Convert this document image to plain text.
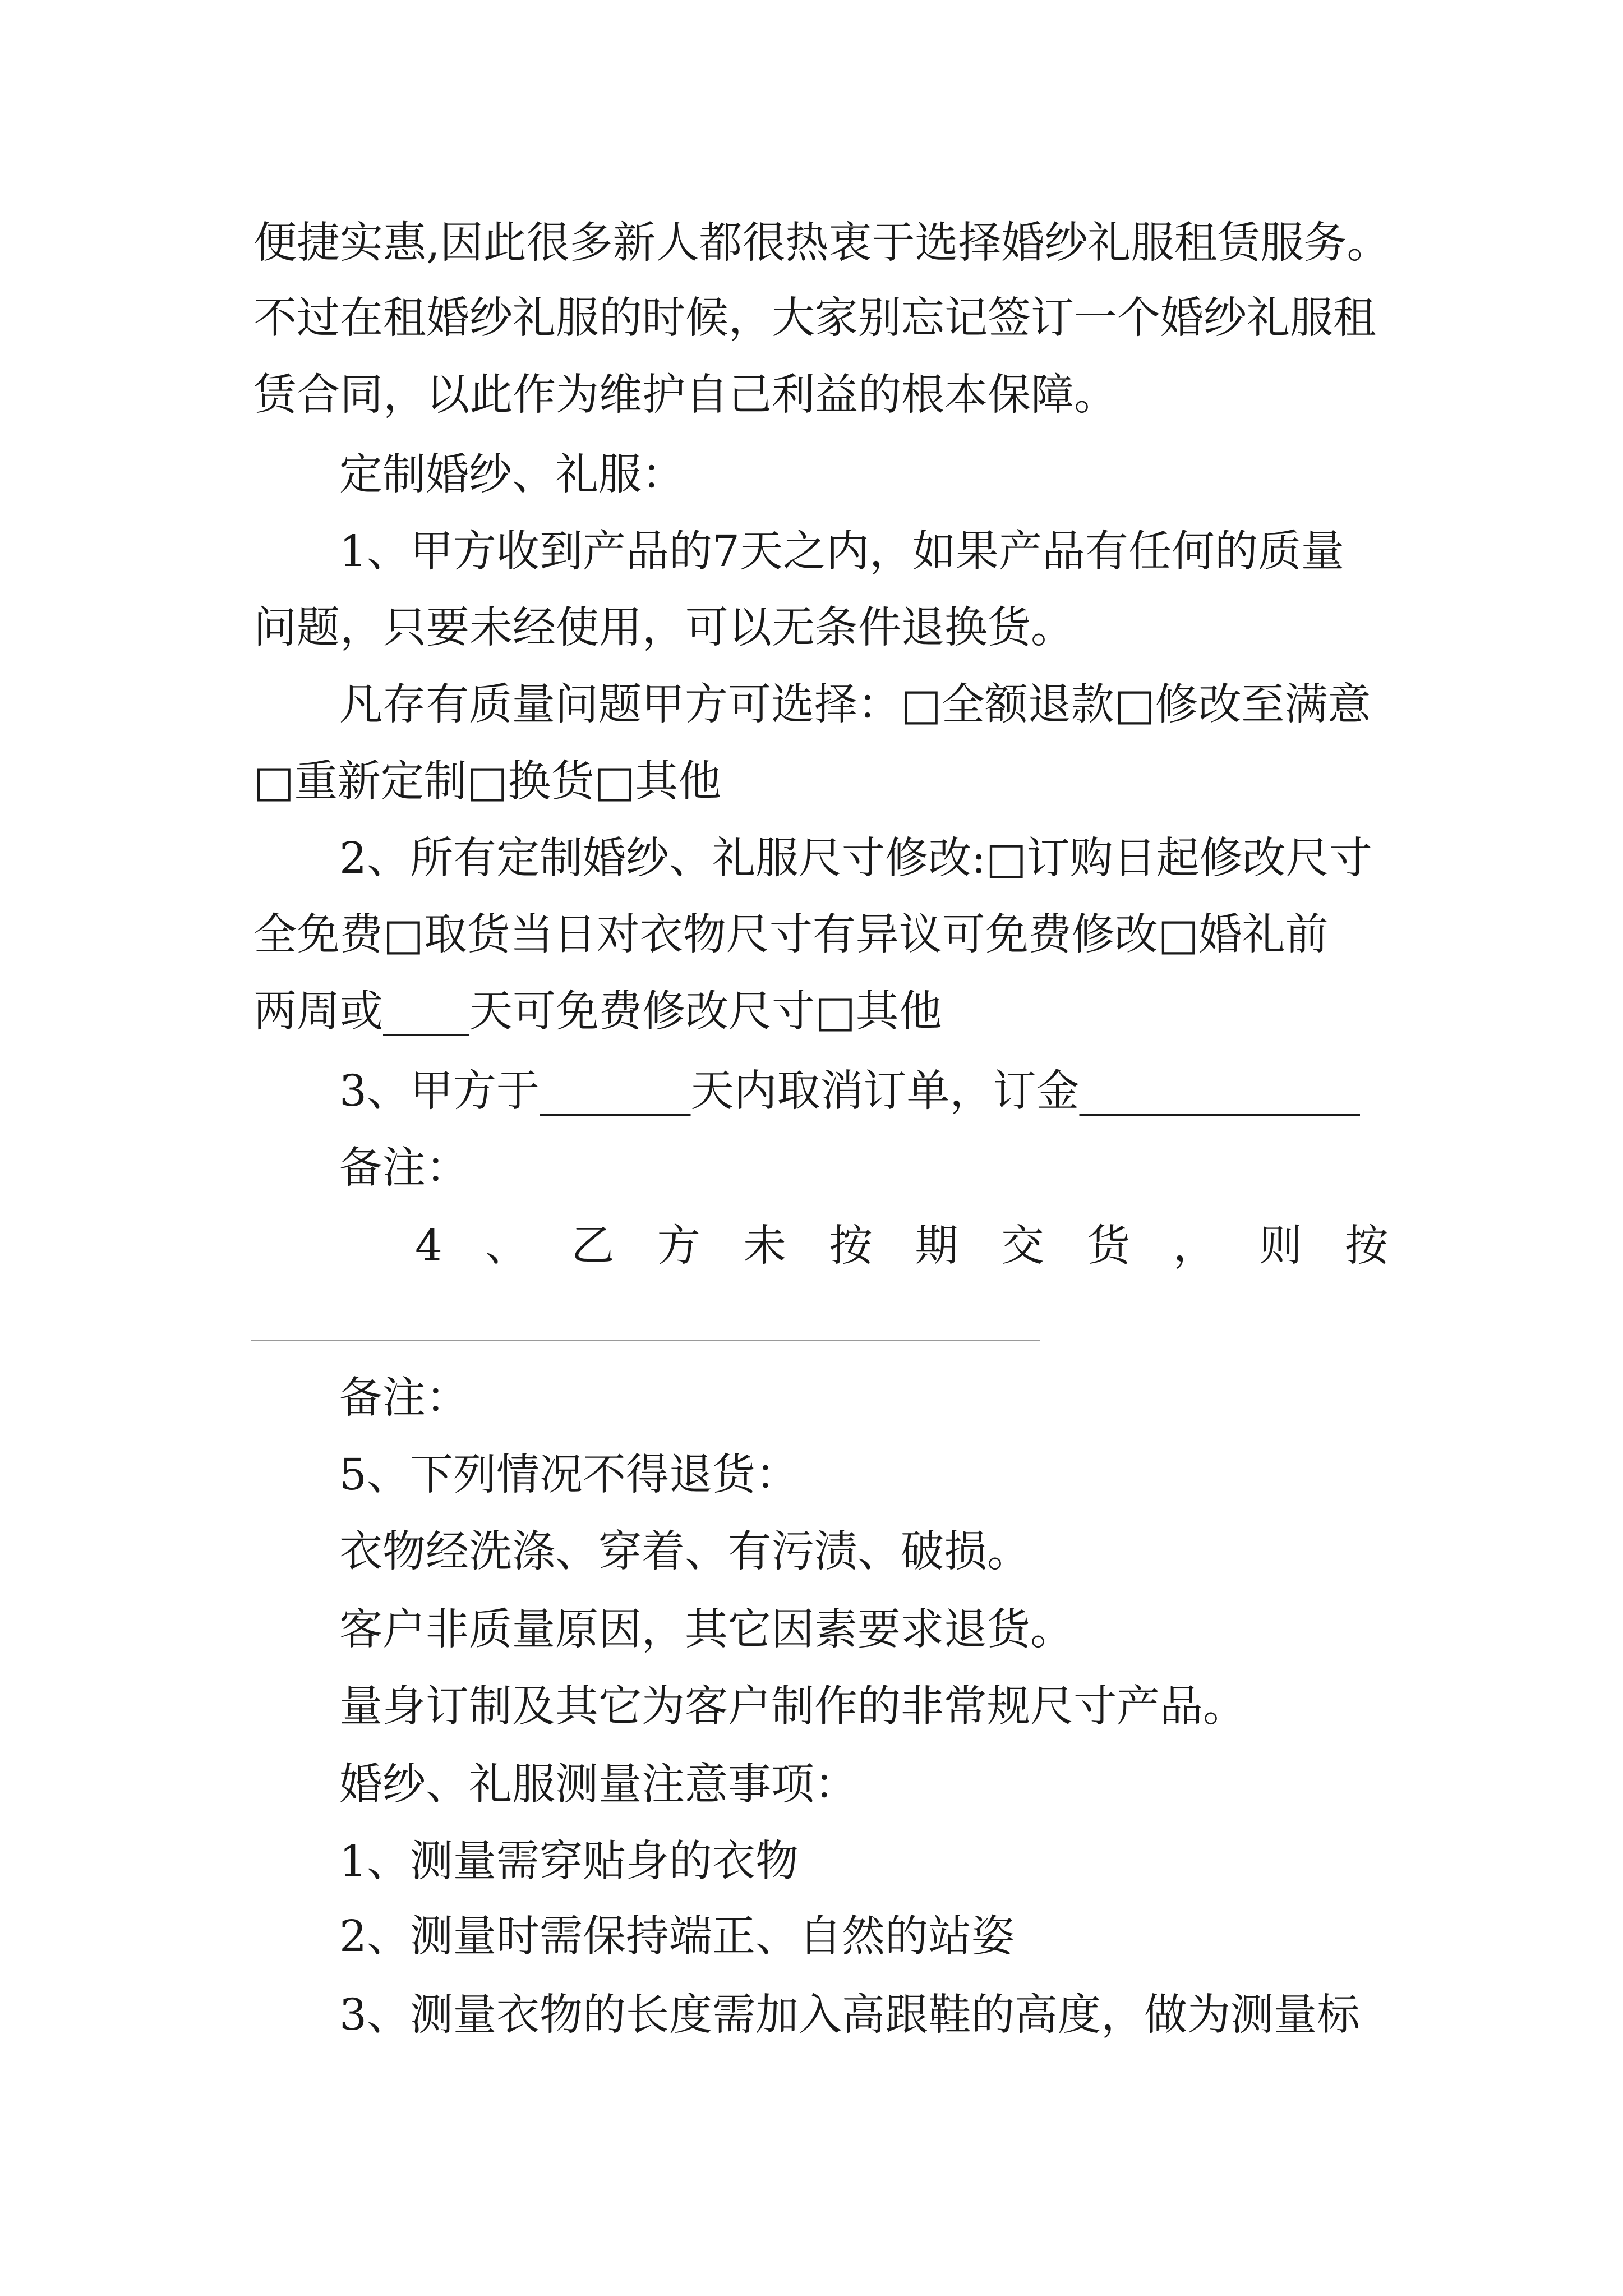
便捷实惠,因此很多新人都很热衷于选择婚纱礼服租赁服务。
不过在租婚纱礼服的时候，大家别忘记签订一个婚纱礼服租
赁合同，以此作为维护自己利益的根本保障。
定制婚纱、礼服：
1、甲方收到产品的7天之内，如果产品有任何的质量
问题，只要未经使用，可以无条件退换货。
凡存有质量问题甲方可选择：□全额退款□修改至满意
□重新定制□换货□其他
2、所有定制婚纱、礼服尺寸修改:□订购日起修改尺寸
全免费□取货当日对衣物尺寸有异议可免费修改□婚礼前
两周或____天可免费修改尺寸□其他
3、甲方于_______天内取消订单，订金_____________
备注：
4、乙方未按期交货，则按
备注：
5、下列情况不得退货：
衣物经洗涤、穿着、有污渍、破损。
客户非质量原因，其它因素要求退货。
量身订制及其它为客户制作的非常规尺寸产品。
婚纱、礼服测量注意事项：
1、测量需穿贴身的衣物
2、测量时需保持端正、自然的站姿
3、测量衣物的长度需加入高跟鞋的高度，做为测量标
